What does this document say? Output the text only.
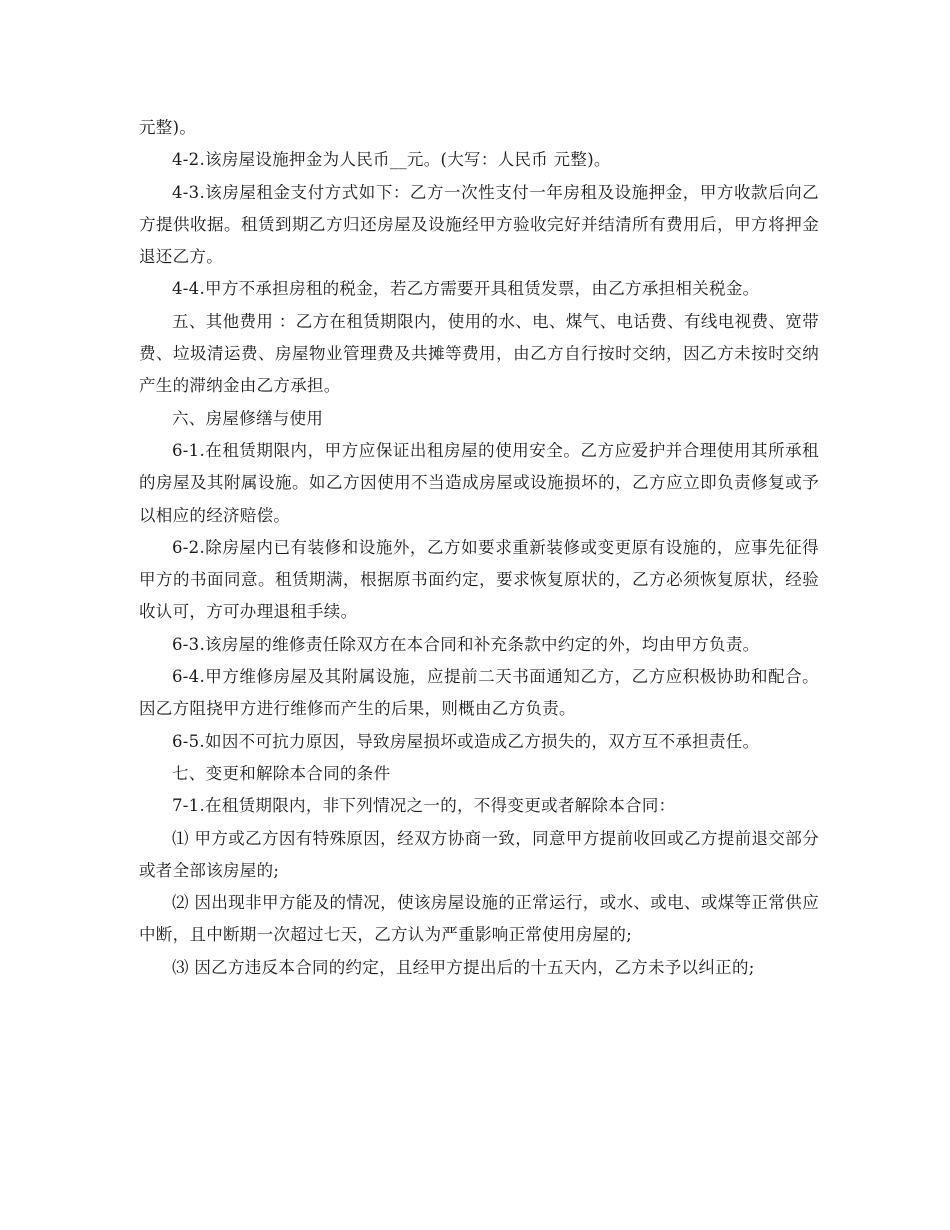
元整)。

4-2.该房屋设施押金为人民币__元。(大写：人民币 元整)。

4-3.该房屋租金支付方式如下：乙方一次性支付一年房租及设施押金，甲方收款后向乙方提供收据。租赁到期乙方归还房屋及设施经甲方验收完好并结清所有费用后，甲方将押金退还乙方。

4-4.甲方不承担房租的税金，若乙方需要开具租赁发票，由乙方承担相关税金。

五、其他费用 ：乙方在租赁期限内，使用的水、电、煤气、电话费、有线电视费、宽带费、垃圾清运费、房屋物业管理费及共摊等费用，由乙方自行按时交纳，因乙方未按时交纳产生的滞纳金由乙方承担。

六、房屋修缮与使用

6-1.在租赁期限内，甲方应保证出租房屋的使用安全。乙方应爱护并合理使用其所承租的房屋及其附属设施。如乙方因使用不当造成房屋或设施损坏的，乙方应立即负责修复或予以相应的经济赔偿。

6-2.除房屋内已有装修和设施外，乙方如要求重新装修或变更原有设施的，应事先征得甲方的书面同意。租赁期满，根据原书面约定，要求恢复原状的，乙方必须恢复原状，经验收认可，方可办理退租手续。

6-3.该房屋的维修责任除双方在本合同和补充条款中约定的外，均由甲方负责。

6-4.甲方维修房屋及其附属设施，应提前二天书面通知乙方，乙方应积极协助和配合。因乙方阻挠甲方进行维修而产生的后果，则概由乙方负责。

6-5.如因不可抗力原因，导致房屋损坏或造成乙方损失的，双方互不承担责任。

七、变更和解除本合同的条件

7-1.在租赁期限内，非下列情况之一的，不得变更或者解除本合同：

⑴ 甲方或乙方因有特殊原因，经双方协商一致，同意甲方提前收回或乙方提前退交部分或者全部该房屋的;

⑵ 因出现非甲方能及的情况，使该房屋设施的正常运行，或水、或电、或煤等正常供应中断，且中断期一次超过七天，乙方认为严重影响正常使用房屋的;

⑶ 因乙方违反本合同的约定，且经甲方提出后的十五天内，乙方未予以纠正的;
